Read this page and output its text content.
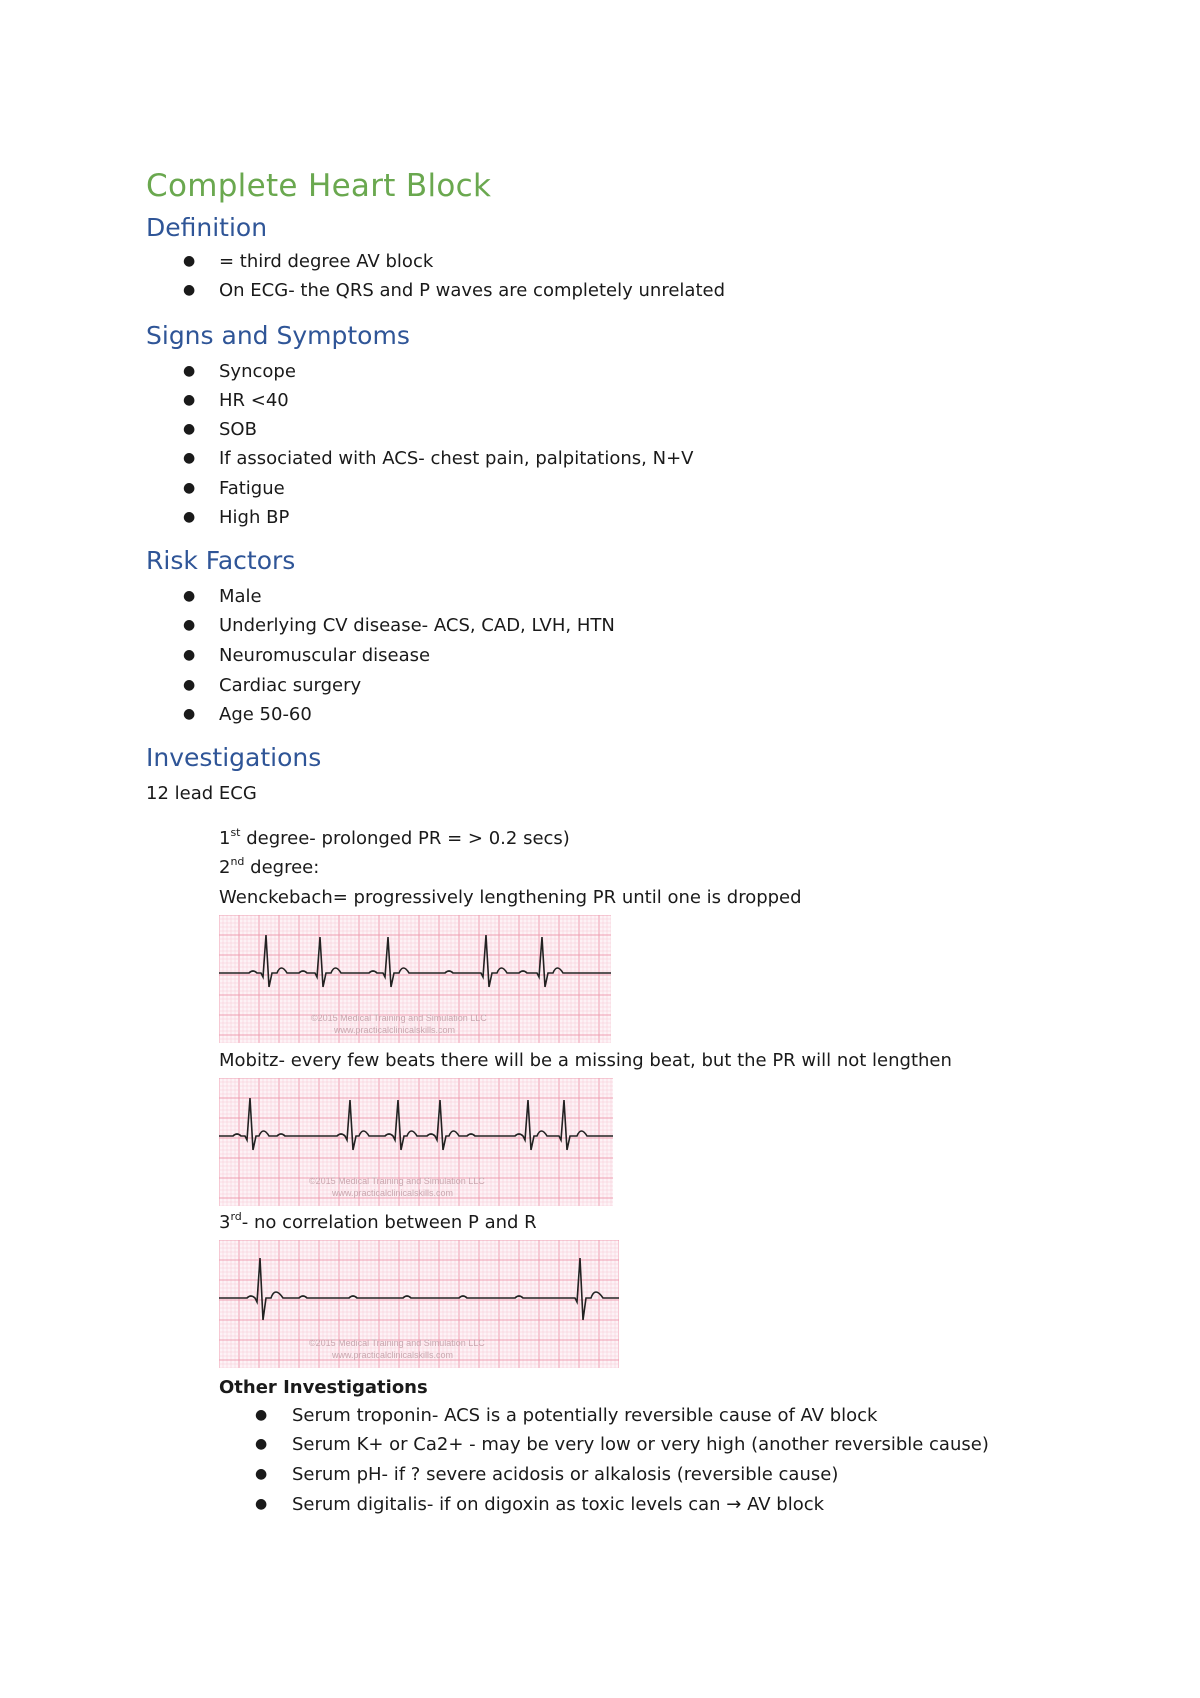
Complete Heart Block
Definition
● = third degree AV block
● On ECG- the QRS and P waves are completely unrelated
Signs and Symptoms
● Syncope
● HR <40
● SOB
● If associated with ACS- chest pain, palpitations, N+V
● Fatigue
● High BP
Risk Factors
● Male
● Underlying CV disease- ACS, CAD, LVH, HTN
● Neuromuscular disease
● Cardiac surgery
● Age 50-60
Investigations
12 lead ECG
1st degree- prolonged PR = > 0.2 secs)
2nd degree:
Wenckebach= progressively lengthening PR until one is dropped
©2015 Medical Training and Simulation LLC
www.practicalclinicalskills.com
Mobitz- every few beats there will be a missing beat, but the PR will not lengthen
©2015 Medical Training and Simulation LLC
www.practicalclinicalskills.com
3rd- no correlation between P and R
©2015 Medical Training and Simulation LLC
www.practicalclinicalskills.com
Other Investigations
● Serum troponin- ACS is a potentially reversible cause of AV block
● Serum K+ or Ca2+ - may be very low or very high (another reversible cause)
● Serum pH- if ? severe acidosis or alkalosis (reversible cause)
● Serum digitalis- if on digoxin as toxic levels can → AV block
